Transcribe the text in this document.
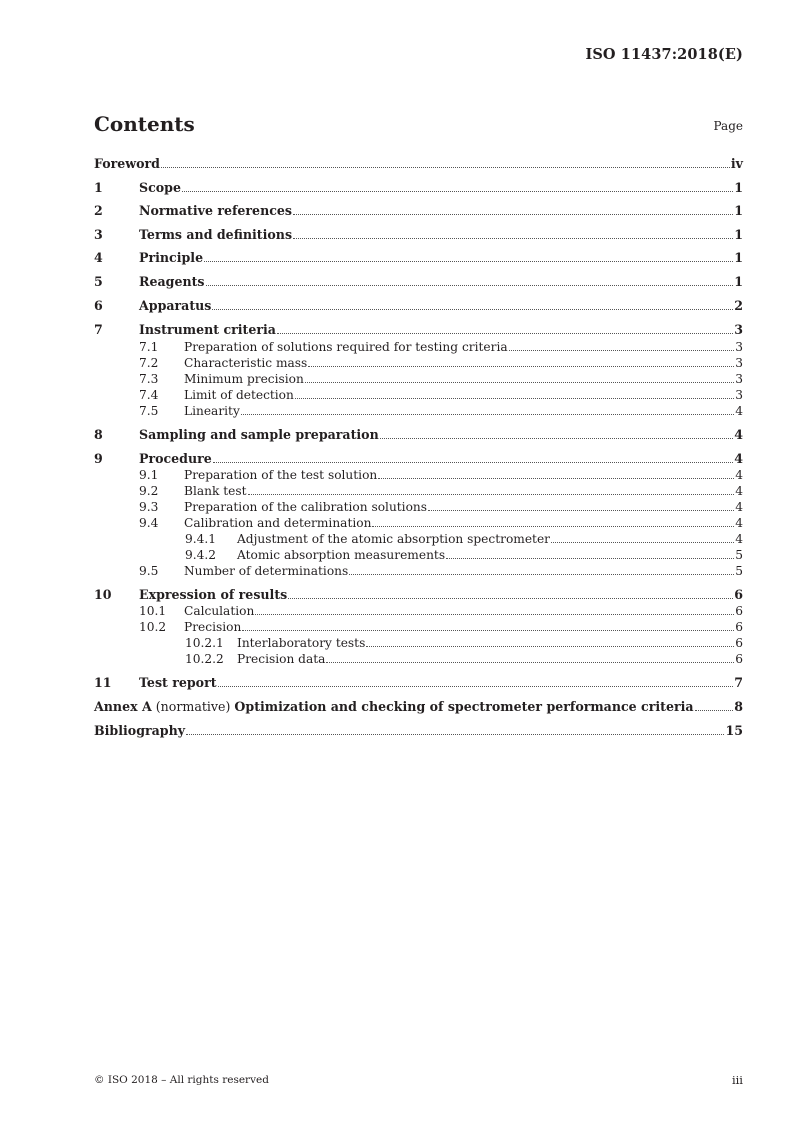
ISO 11437:2018(E)
Contents	Page
Foreword	iv
1	Scope	1
2	Normative references	1
3	Terms and definitions	1
4	Principle	1
5	Reagents	1
6	Apparatus	2
7	Instrument criteria	3
7.1	Preparation of solutions required for testing criteria	3
7.2	Characteristic mass	3
7.3	Minimum precision	3
7.4	Limit of detection	3
7.5	Linearity	4
8	Sampling and sample preparation	4
9	Procedure	4
9.1	Preparation of the test solution	4
9.2	Blank test	4
9.3	Preparation of the calibration solutions	4
9.4	Calibration and determination	4
9.4.1	Adjustment of the atomic absorption spectrometer	4
9.4.2	Atomic absorption measurements	5
9.5	Number of determinations	5
10	Expression of results	6
10.1	Calculation	6
10.2	Precision	6
10.2.1	Interlaboratory tests	6
10.2.2	Precision data	6
11	Test report	7
Annex A (normative) Optimization and checking of spectrometer performance criteria	8
Bibliography	15
© ISO 2018 – All rights reserved	iii
